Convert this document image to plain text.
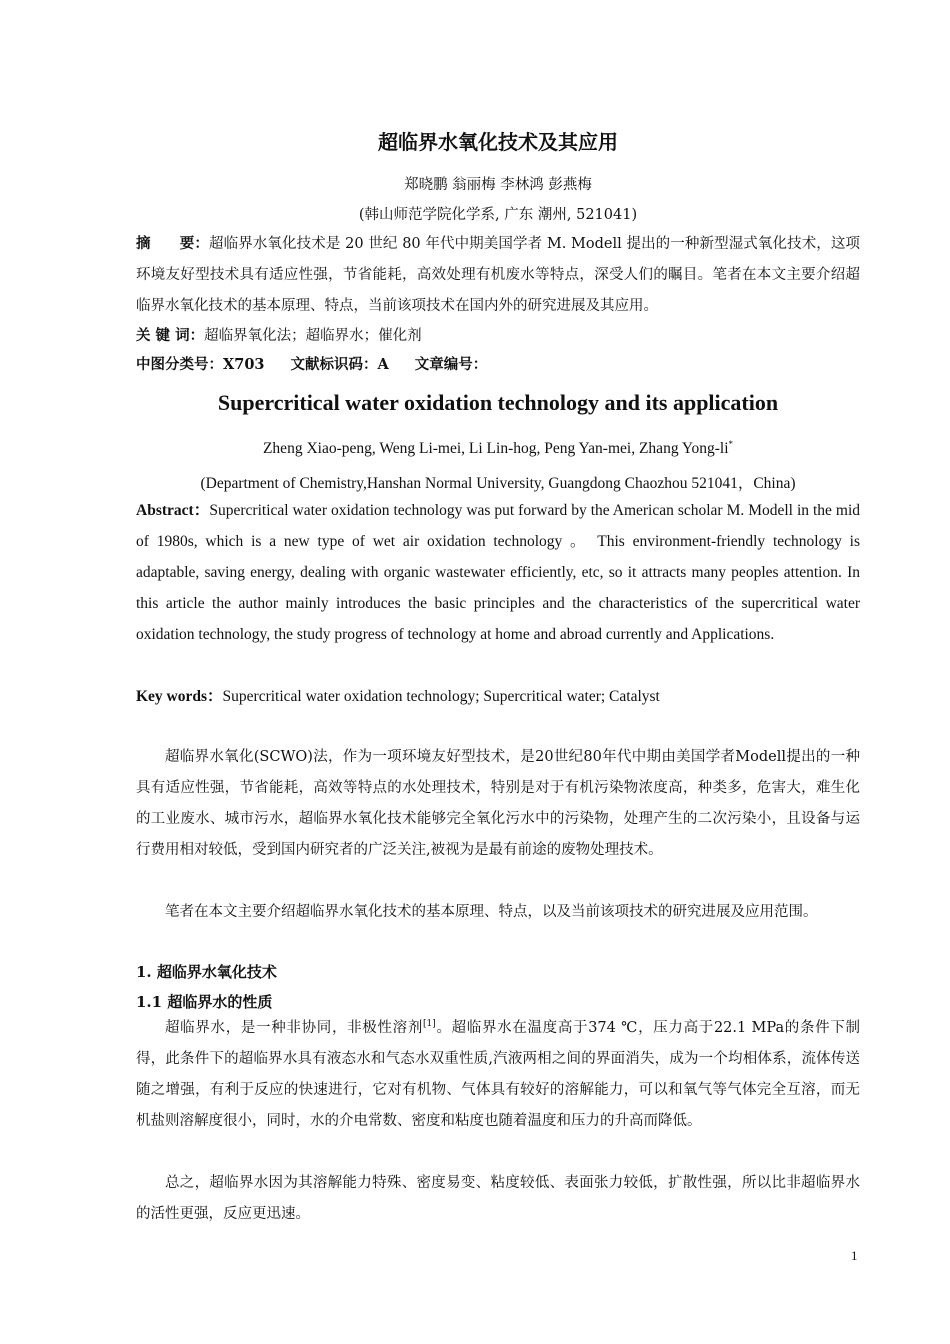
超临界水氧化技术及其应用
郑晓鹏 翁丽梅 李林鸿 彭燕梅
(韩山师范学院化学系, 广东 潮州, 521041)
摘　　要：超临界水氧化技术是 20 世纪 80 年代中期美国学者 M. Modell 提出的一种新型湿式氧化技术，这项环境友好型技术具有适应性强，节省能耗，高效处理有机废水等特点，深受人们的瞩目。笔者在本文主要介绍超临界水氧化技术的基本原理、特点，当前该项技术在国内外的研究进展及其应用。
关 键 词：超临界氧化法；超临界水；催化剂
中图分类号：X703 文献标识码：A 文章编号：
Supercritical water oxidation technology and its application
Zheng Xiao-peng, Weng Li-mei, Li Lin-hog, Peng Yan-mei, Zhang Yong-li*
(Department of Chemistry,Hanshan Normal University, Guangdong Chaozhou 521041，China)
Abstract：Supercritical water oxidation technology was put forward by the American scholar M. Modell in the mid of 1980s, which is a new type of wet air oxidation technology 。 This environment-friendly technology is adaptable, saving energy, dealing with organic wastewater efficiently, etc, so it attracts many peoples attention. In this article the author mainly introduces the basic principles and the characteristics of the supercritical water oxidation technology, the study progress of technology at home and abroad currently and Applications.
Key words：Supercritical water oxidation technology; Supercritical water; Catalyst
超临界水氧化(SCWO)法，作为一项环境友好型技术，是20世纪80年代中期由美国学者Modell提出的一种具有适应性强，节省能耗，高效等特点的水处理技术，特别是对于有机污染物浓度高，种类多，危害大，难生化的工业废水、城市污水，超临界水氧化技术能够完全氧化污水中的污染物，处理产生的二次污染小，且设备与运行费用相对较低，受到国内研究者的广泛关注,被视为是最有前途的废物处理技术。
笔者在本文主要介绍超临界水氧化技术的基本原理、特点，以及当前该项技术的研究进展及应用范围。
1. 超临界水氧化技术
1.1 超临界水的性质
超临界水，是一种非协同，非极性溶剂[1]。超临界水在温度高于374 ℃，压力高于22.1 MPa的条件下制得，此条件下的超临界水具有液态水和气态水双重性质,汽液两相之间的界面消失，成为一个均相体系，流体传送随之增强，有利于反应的快速进行，它对有机物、气体具有较好的溶解能力，可以和氧气等气体完全互溶，而无机盐则溶解度很小，同时，水的介电常数、密度和粘度也随着温度和压力的升高而降低。
总之，超临界水因为其溶解能力特殊、密度易变、粘度较低、表面张力较低，扩散性强，所以比非超临界水的活性更强，反应更迅速。
1
